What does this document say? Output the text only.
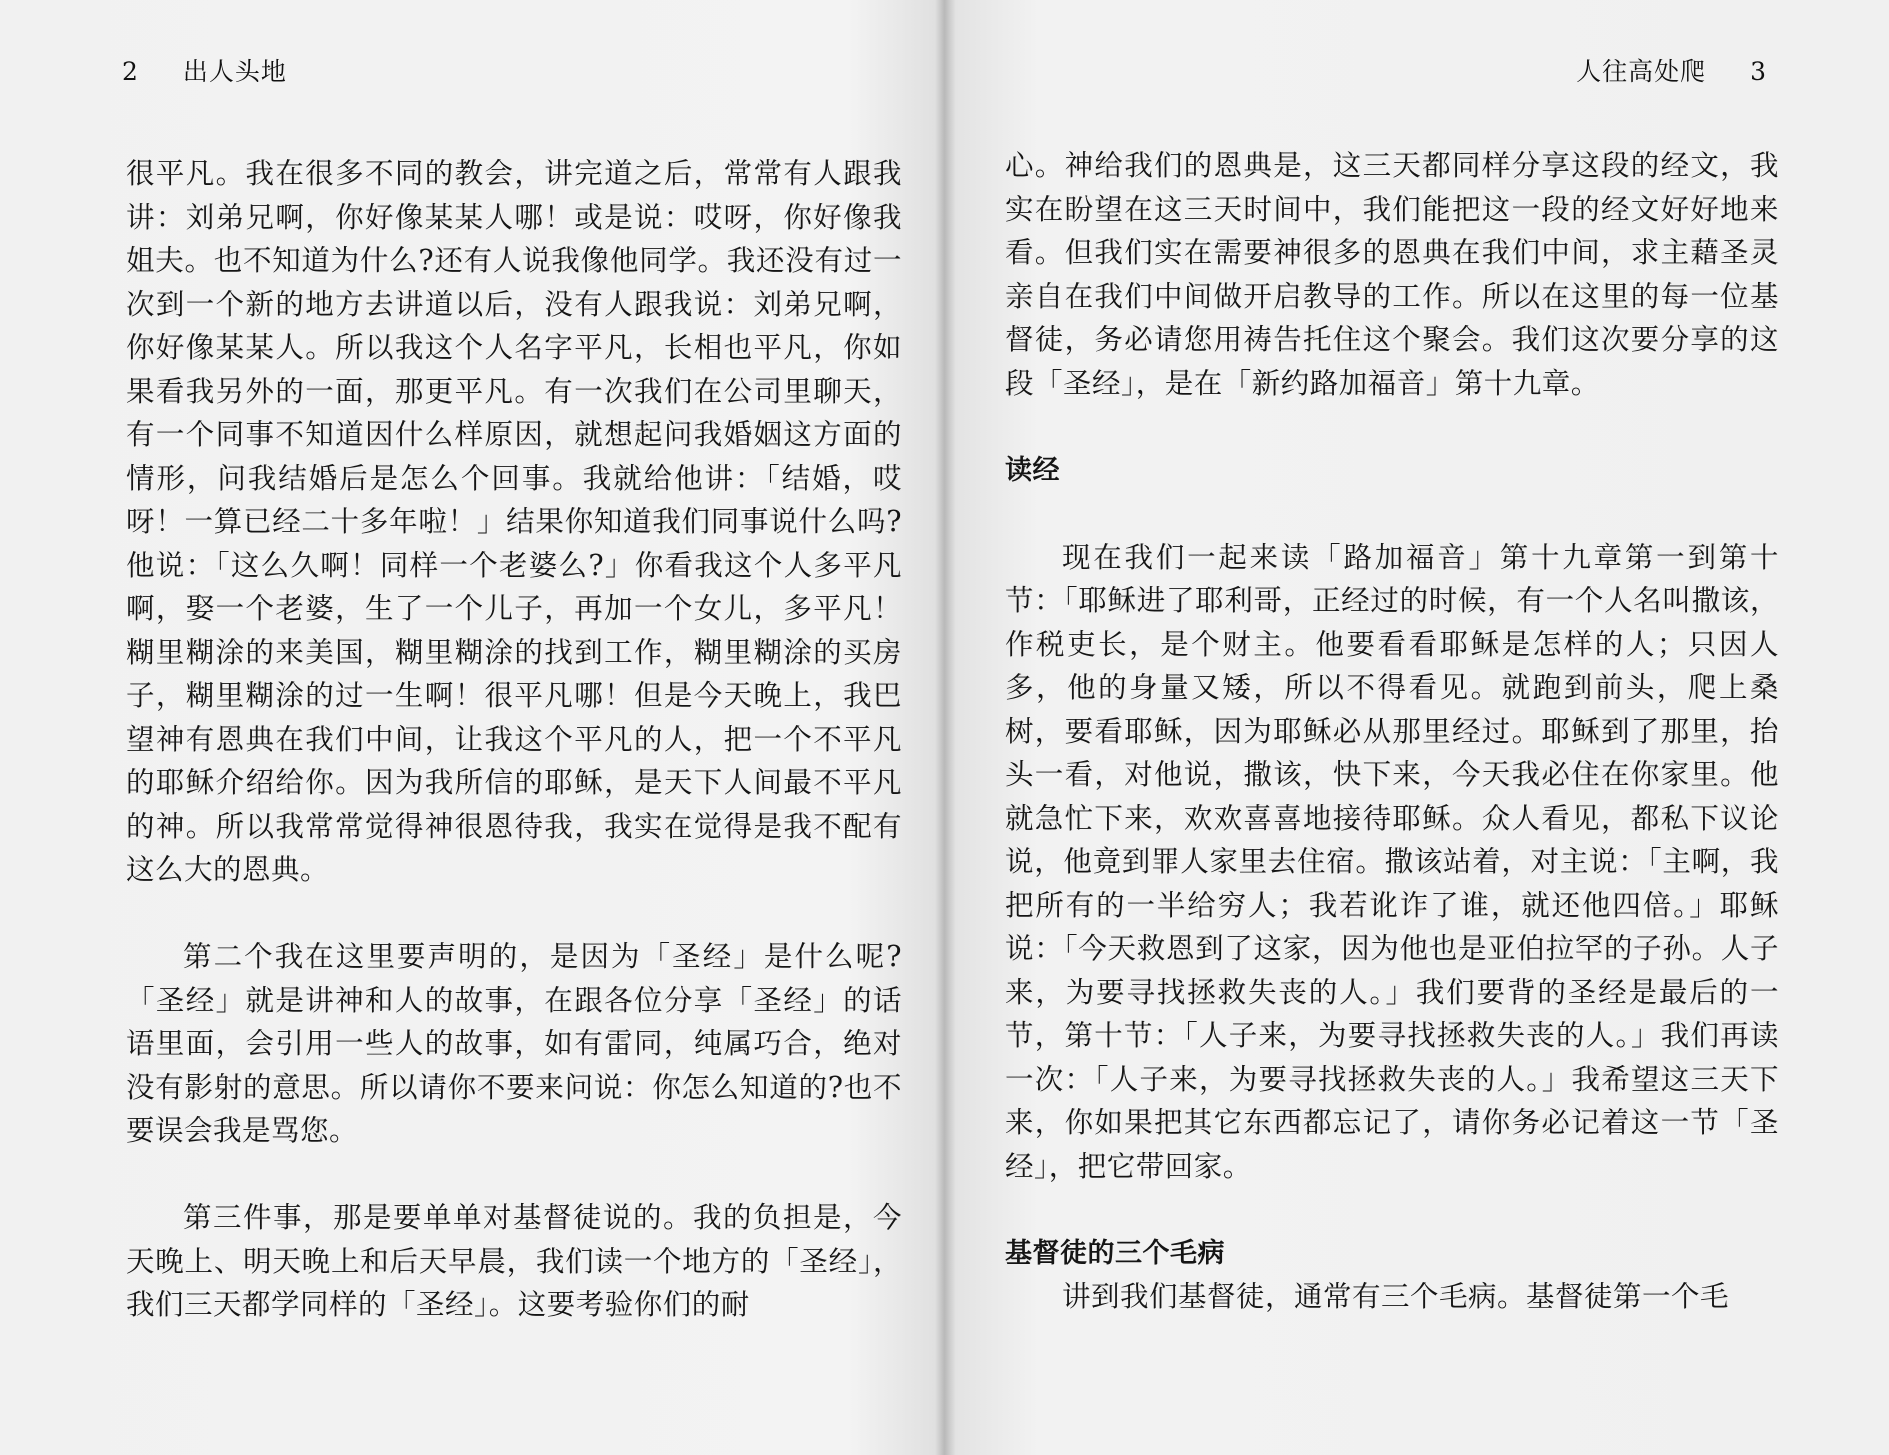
2 出人头地

很平凡。我在很多不同的教会，讲完道之后，常常有人跟我讲：刘弟兄啊，你好像某某人哪！或是说：哎呀，你好像我姐夫。也不知道为什么?还有人说我像他同学。我还没有过一次到一个新的地方去讲道以后，没有人跟我说：刘弟兄啊，你好像某某人。所以我这个人名字平凡，长相也平凡，你如果看我另外的一面，那更平凡。有一次我们在公司里聊天，有一个同事不知道因什么样原因，就想起问我婚姻这方面的情形，问我结婚后是怎么个回事。我就给他讲：「结婚，哎呀！一算已经二十多年啦！」结果你知道我们同事说什么吗?他说：「这么久啊！同样一个老婆么?」你看我这个人多平凡啊，娶一个老婆，生了一个儿子，再加一个女儿，多平凡！糊里糊涂的来美国，糊里糊涂的找到工作，糊里糊涂的买房子，糊里糊涂的过一生啊！很平凡哪！但是今天晚上，我巴望神有恩典在我们中间，让我这个平凡的人，把一个不平凡的耶稣介绍给你。因为我所信的耶稣，是天下人间最不平凡的神。所以我常常觉得神很恩待我，我实在觉得是我不配有这么大的恩典。

第二个我在这里要声明的，是因为「圣经」是什么呢?「圣经」就是讲神和人的故事，在跟各位分享「圣经」的话语里面，会引用一些人的故事，如有雷同，纯属巧合，绝对没有影射的意思。所以请你不要来问说：你怎么知道的?也不要误会我是骂您。

第三件事，那是要单单对基督徒说的。我的负担是，今天晚上、明天晚上和后天早晨，我们读一个地方的「圣经」，我们三天都学同样的「圣经」。这要考验你们的耐

人往高处爬 3

心。神给我们的恩典是，这三天都同样分享这段的经文，我实在盼望在这三天时间中，我们能把这一段的经文好好地来看。但我们实在需要神很多的恩典在我们中间，求主藉圣灵亲自在我们中间做开启教导的工作。所以在这里的每一位基督徒，务必请您用祷告托住这个聚会。我们这次要分享的这段「圣经」，是在「新约路加福音」第十九章。

读经

现在我们一起来读「路加福音」第十九章第一到第十节：「耶稣进了耶利哥，正经过的时候，有一个人名叫撒该，作税吏长，是个财主。他要看看耶稣是怎样的人；只因人多，他的身量又矮，所以不得看见。就跑到前头，爬上桑树，要看耶稣，因为耶稣必从那里经过。耶稣到了那里，抬头一看，对他说，撒该，快下来，今天我必住在你家里。他就急忙下来，欢欢喜喜地接待耶稣。众人看见，都私下议论说，他竟到罪人家里去住宿。撒该站着，对主说：「主啊，我把所有的一半给穷人；我若讹诈了谁，就还他四倍。」耶稣说：「今天救恩到了这家，因为他也是亚伯拉罕的子孙。人子来，为要寻找拯救失丧的人。」我们要背的圣经是最后的一节，第十节：「人子来，为要寻找拯救失丧的人。」我们再读一次：「人子来，为要寻找拯救失丧的人。」我希望这三天下来，你如果把其它东西都忘记了，请你务必记着这一节「圣经」，把它带回家。

基督徒的三个毛病

讲到我们基督徒，通常有三个毛病。基督徒第一个毛
